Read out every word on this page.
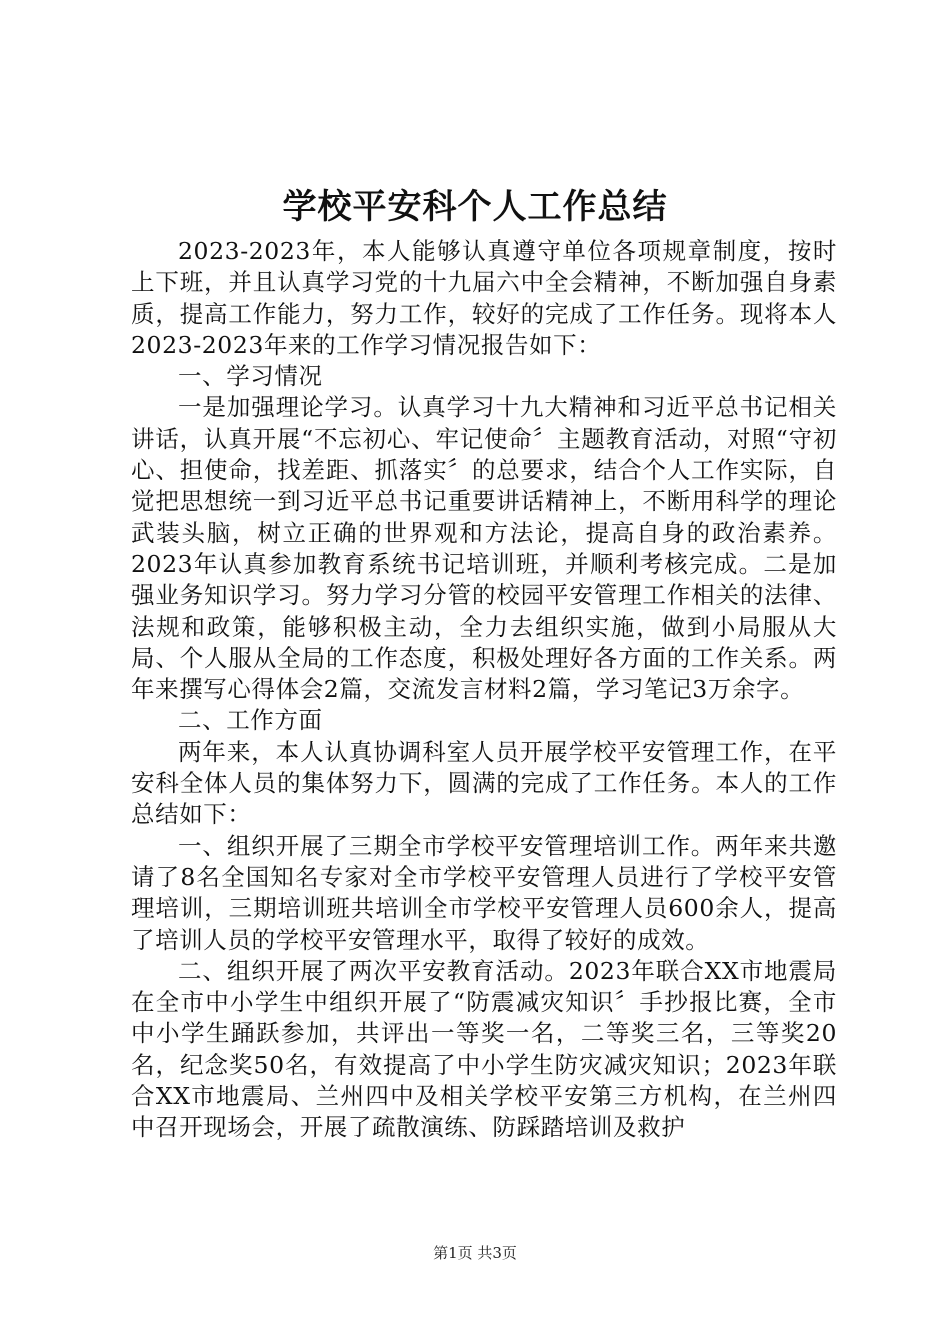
学校平安科个人工作总结

2023-2023年，本人能够认真遵守单位各项规章制度，按时上下班，并且认真学习党的十九届六中全会精神，不断加强自身素质，提高工作能力，努力工作，较好的完成了工作任务。现将本人2023-2023年来的工作学习情况报告如下：

一、学习情况

一是加强理论学习。认真学习十九大精神和习近平总书记相关讲话，认真开展“不忘初心、牢记使命〞主题教育活动，对照“守初心、担使命，找差距、抓落实〞的总要求，结合个人工作实际，自觉把思想统一到习近平总书记重要讲话精神上，不断用科学的理论武装头脑，树立正确的世界观和方法论，提高自身的政治素养。2023年认真参加教育系统书记培训班，并顺利考核完成。二是加强业务知识学习。努力学习分管的校园平安管理工作相关的法律、法规和政策，能够积极主动，全力去组织实施，做到小局服从大局、个人服从全局的工作态度，积极处理好各方面的工作关系。两年来撰写心得体会2篇，交流发言材料2篇，学习笔记3万余字。

二、工作方面

两年来，本人认真协调科室人员开展学校平安管理工作，在平安科全体人员的集体努力下，圆满的完成了工作任务。本人的工作总结如下：

一、组织开展了三期全市学校平安管理培训工作。两年来共邀请了8名全国知名专家对全市学校平安管理人员进行了学校平安管理培训，三期培训班共培训全市学校平安管理人员600余人，提高了培训人员的学校平安管理水平，取得了较好的成效。

二、组织开展了两次平安教育活动。2023年联合XX市地震局在全市中小学生中组织开展了“防震减灾知识〞手抄报比赛，全市中小学生踊跃参加，共评出一等奖一名，二等奖三名，三等奖20名，纪念奖50名，有效提高了中小学生防灾减灾知识；2023年联合XX市地震局、兰州四中及相关学校平安第三方机构，在兰州四中召开现场会，开展了疏散演练、防踩踏培训及救护

第1页 共3页
